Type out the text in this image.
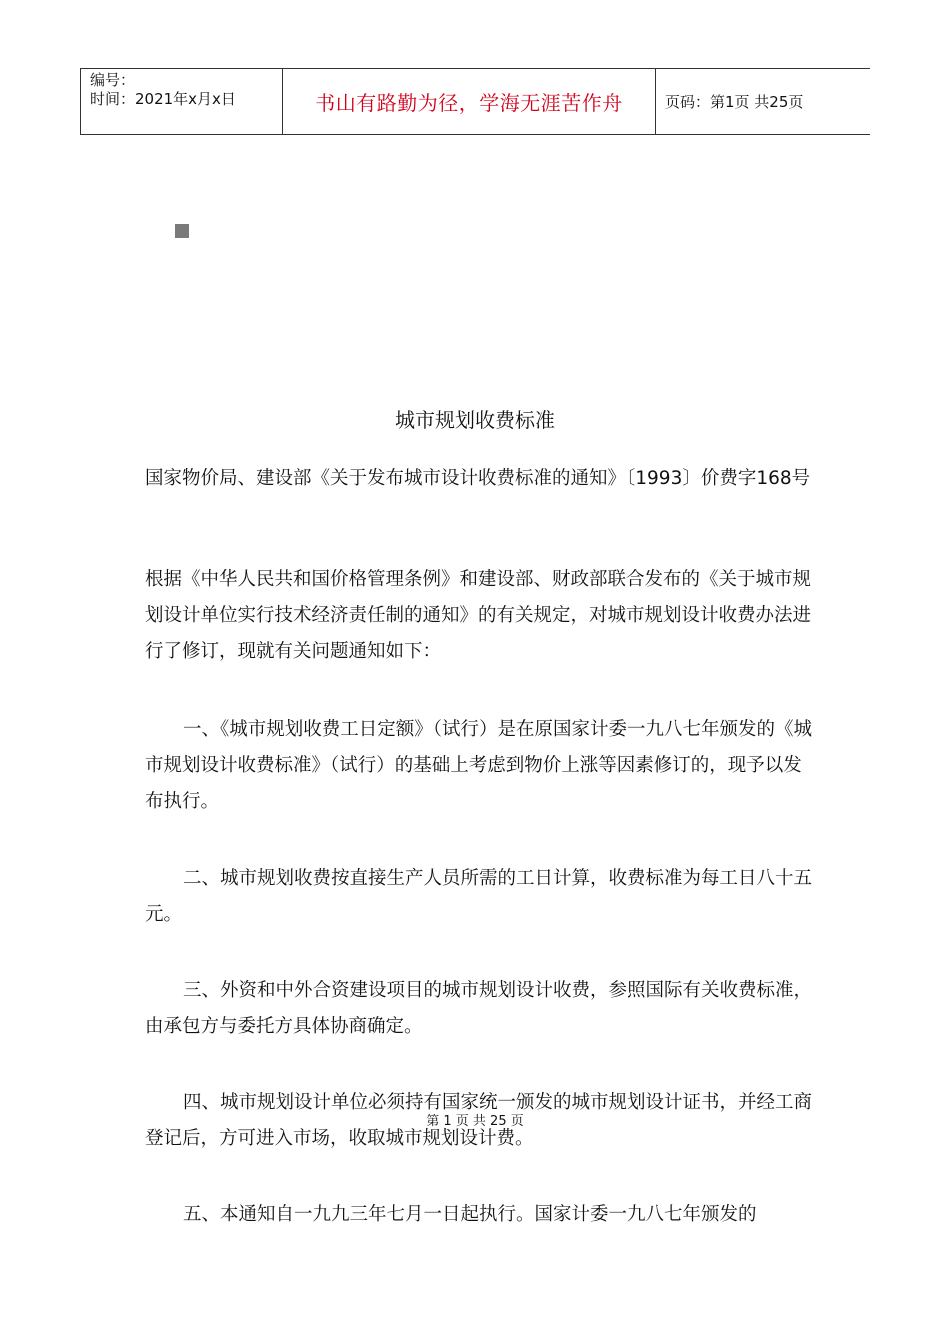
编号：
时间：2021年x月x日	书山有路勤为径，学海无涯苦作舟	页码：第1页 共25页
城市规划收费标准

国家物价局、建设部《关于发布城市设计收费标准的通知》〔1993〕价费字168号

根据《中华人民共和国价格管理条例》和建设部、财政部联合发布的《关于城市规划设计单位实行技术经济责任制的通知》的有关规定，对城市规划设计收费办法进行了修订，现就有关问题通知如下：

一、《城市规划收费工日定额》（试行）是在原国家计委一九八七年颁发的《城市规划设计收费标准》（试行）的基础上考虑到物价上涨等因素修订的，现予以发布执行。

二、城市规划收费按直接生产人员所需的工日计算，收费标准为每工日八十五元。

三、外资和中外合资建设项目的城市规划设计收费，参照国际有关收费标准，由承包方与委托方具体协商确定。

四、城市规划设计单位必须持有国家统一颁发的城市规划设计证书，并经工商登记后，方可进入市场，收取城市规划设计费。

五、本通知自一九九三年七月一日起执行。国家计委一九八七年颁发的

第 1 页 共 25 页
